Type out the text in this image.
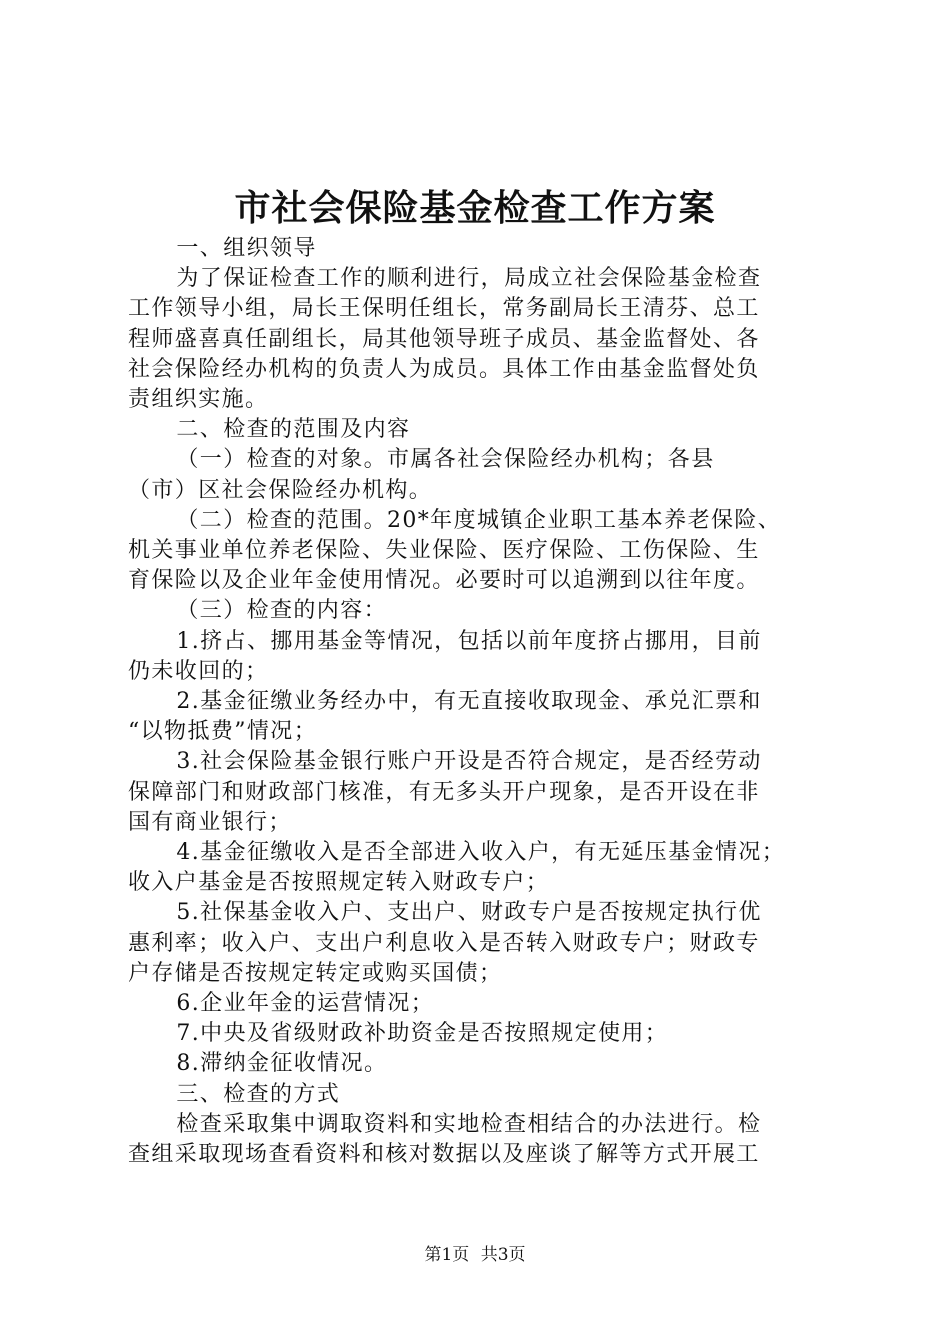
市社会保险基金检查工作方案

一、组织领导

为了保证检查工作的顺利进行，局成立社会保险基金检查
工作领导小组，局长王保明任组长，常务副局长王清芬、总工
程师盛喜真任副组长，局其他领导班子成员、基金监督处、各
社会保险经办机构的负责人为成员。具体工作由基金监督处负
责组织实施。

二、检查的范围及内容

（一）检查的对象。市属各社会保险经办机构；各县
（市）区社会保险经办机构。

（二）检查的范围。20*年度城镇企业职工基本养老保险、
机关事业单位养老保险、失业保险、医疗保险、工伤保险、生
育保险以及企业年金使用情况。必要时可以追溯到以往年度。

（三）检查的内容：

1.挤占、挪用基金等情况，包括以前年度挤占挪用，目前
仍未收回的；

2.基金征缴业务经办中，有无直接收取现金、承兑汇票和
“以物抵费”情况；

3.社会保险基金银行账户开设是否符合规定，是否经劳动
保障部门和财政部门核准，有无多头开户现象，是否开设在非
国有商业银行；

4.基金征缴收入是否全部进入收入户，有无延压基金情况；
收入户基金是否按照规定转入财政专户；

5.社保基金收入户、支出户、财政专户是否按规定执行优
惠利率；收入户、支出户利息收入是否转入财政专户；财政专
户存储是否按规定转定或购买国债；

6.企业年金的运营情况；

7.中央及省级财政补助资金是否按照规定使用；

8.滞纳金征收情况。

三、检查的方式

检查采取集中调取资料和实地检查相结合的办法进行。检
查组采取现场查看资料和核对数据以及座谈了解等方式开展工

第1页 共3页
